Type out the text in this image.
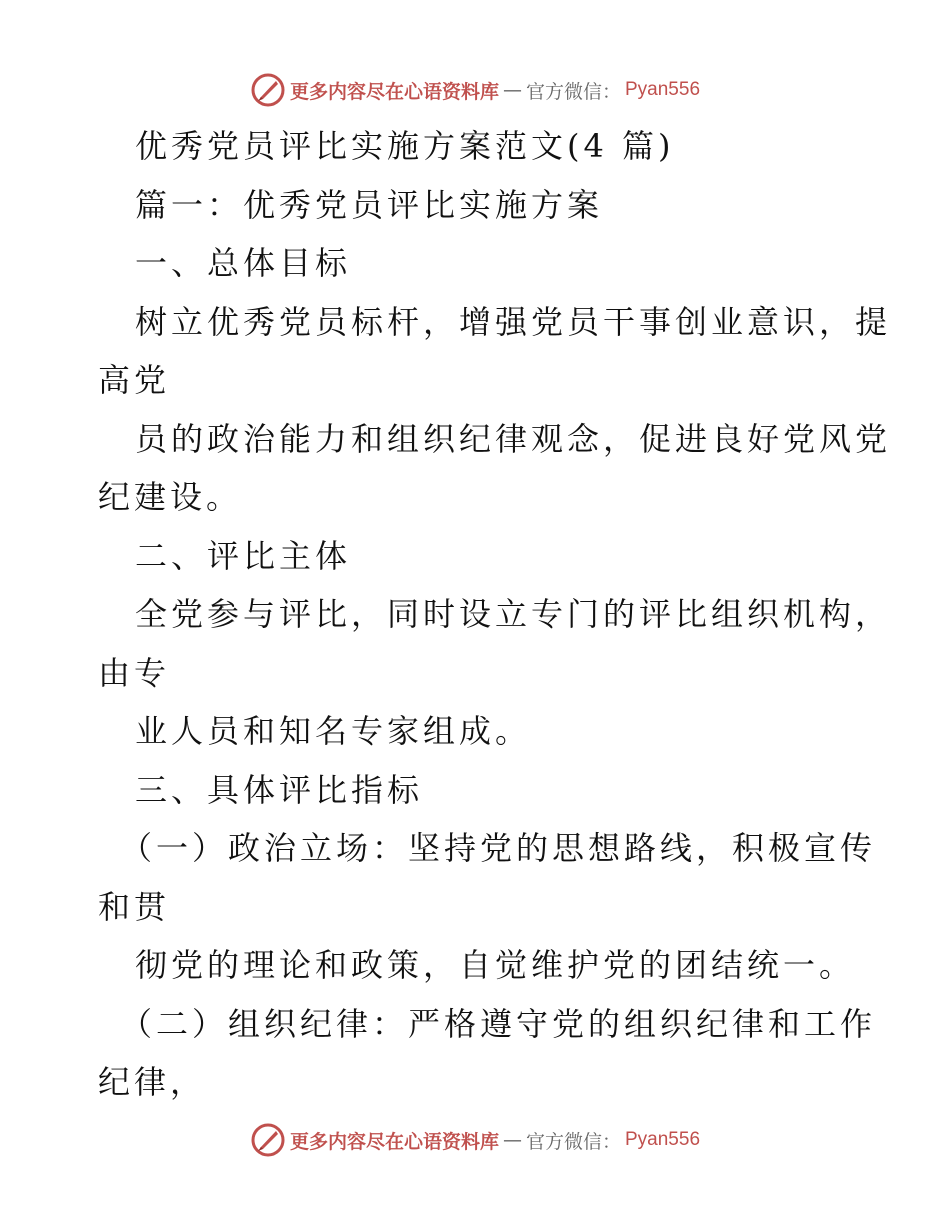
更多内容尽在心语资料库 — 官方微信： Pyan556
优秀党员评比实施方案范文(4 篇)
篇一：优秀党员评比实施方案
一、总体目标
树立优秀党员标杆，增强党员干事创业意识，提
高党
员的政治能力和组织纪律观念，促进良好党风党
纪建设。
二、评比主体
全党参与评比，同时设立专门的评比组织机构，
由专
业人员和知名专家组成。
三、具体评比指标
（一）政治立场：坚持党的思想路线，积极宣传
和贯
彻党的理论和政策，自觉维护党的团结统一。
（二）组织纪律：严格遵守党的组织纪律和工作
纪律，
更多内容尽在心语资料库 — 官方微信： Pyan556
